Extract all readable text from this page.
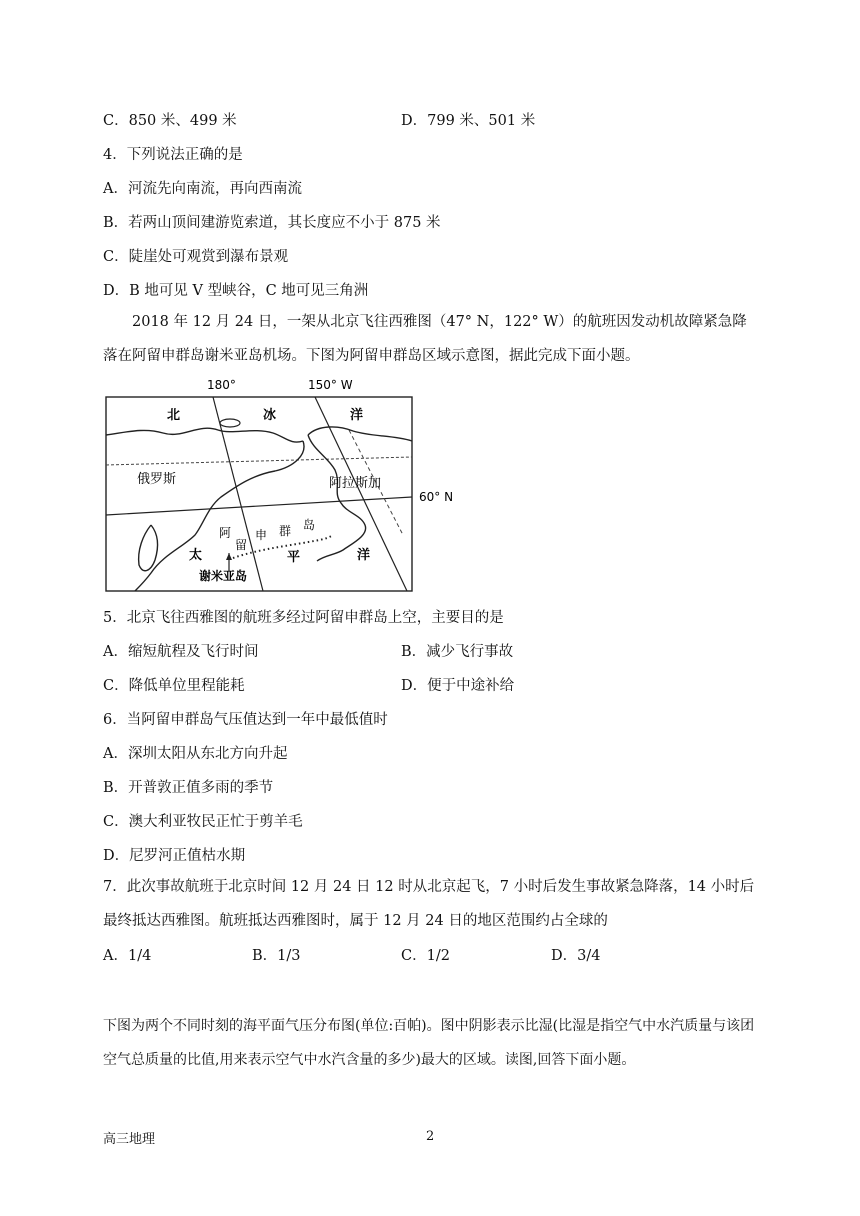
C．850 米、499 米	D．799 米、501 米
4．下列说法正确的是
A．河流先向南流，再向西南流
B．若两山顶间建游览索道，其长度应不小于 875 米
C．陡崖处可观赏到瀑布景观
D．B 地可见 V 型峡谷，C 地可见三角洲
2018 年 12 月 24 日，一架从北京飞往西雅图（47° N，122° W）的航班因发动机故障紧急降落在阿留申群岛谢米亚岛机场。下图为阿留申群岛区域示意图，据此完成下面小题。
180°	150° W
60° N
北	冰	洋
俄罗斯	阿拉斯加
阿
留
申 群 岛
太	平	洋
谢米亚岛
5．北京飞往西雅图的航班多经过阿留申群岛上空，主要目的是
A．缩短航程及飞行时间	B．减少飞行事故
C．降低单位里程能耗	D．便于中途补给
6．当阿留申群岛气压值达到一年中最低值时
A．深圳太阳从东北方向升起
B．开普敦正值多雨的季节
C．澳大利亚牧民正忙于剪羊毛
D．尼罗河正值枯水期
7．此次事故航班于北京时间 12 月 24 日 12 时从北京起飞，7 小时后发生事故紧急降落，14 小时后最终抵达西雅图。航班抵达西雅图时，属于 12 月 24 日的地区范围约占全球的
A．1/4	B．1/3	C．1/2	D．3/4
下图为两个不同时刻的海平面气压分布图(单位:百帕)。图中阴影表示比湿(比湿是指空气中水汽质量与该团空气总质量的比值,用来表示空气中水汽含量的多少)最大的区域。读图,回答下面小题。
高三地理	2
